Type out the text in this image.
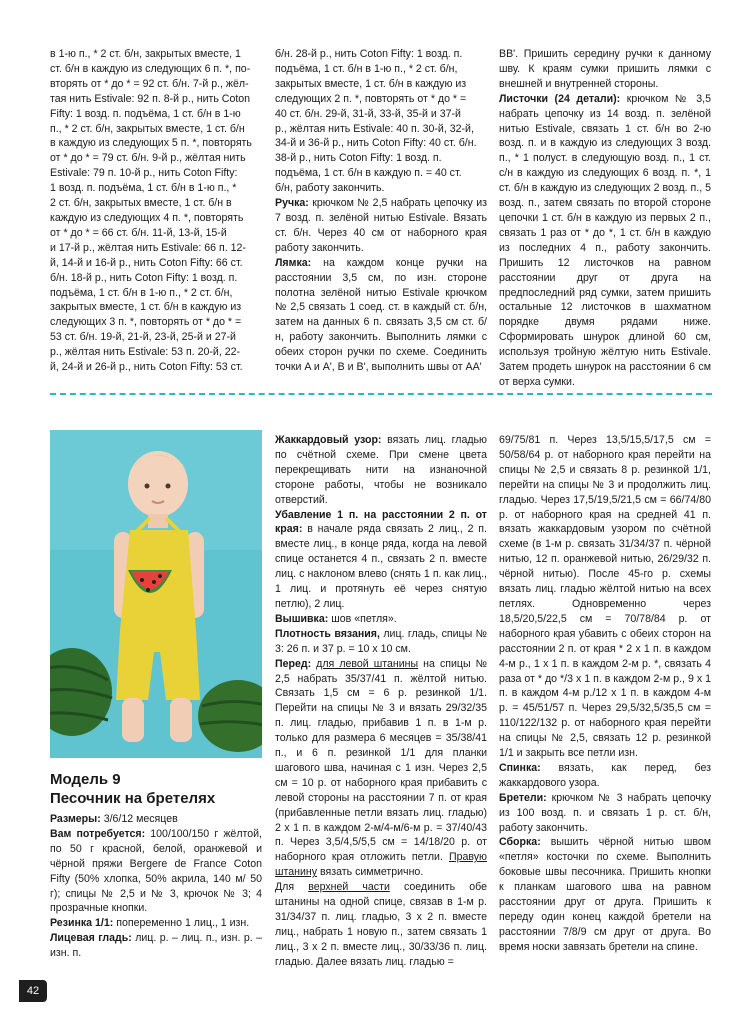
в 1-ю п., * 2 ст. б/н, закрытых вместе, 1
ст. б/н в каждую из следующих 6 п. *, по-
вторять от * до * = 92 ст. б/н. 7-й р., жёл-
тая нить Estivale: 92 п. 8-й р., нить Coton
Fifty: 1 возд. п. подъёма, 1 ст. б/н в 1-ю
п., * 2 ст. б/н, закрытых вместе, 1 ст. б/н
в каждую из следующих 5 п. *, повторять
от * до * = 79 ст. б/н. 9-й р., жёлтая нить
Estivale: 79 п. 10-й р., нить Coton Fifty:
1 возд. п. подъёма, 1 ст. б/н в 1-ю п., *
2 ст. б/н, закрытых вместе, 1 ст. б/н в
каждую из следующих 4 п. *, повторять
от * до * = 66 ст. б/н. 11-й, 13-й, 15-й
и 17-й р., жёлтая нить Estivale: 66 п. 12-
й, 14-й и 16-й р., нить Coton Fifty: 66 ст.
б/н. 18-й р., нить Coton Fifty: 1 возд. п.
подъёма, 1 ст. б/н в 1-ю п., * 2 ст. б/н,
закрытых вместе, 1 ст. б/н в каждую из
следующих 3 п. *, повторять от * до * =
53 ст. б/н. 19-й, 21-й, 23-й, 25-й и 27-й
р., жёлтая нить Estivale: 53 п. 20-й, 22-
й, 24-й и 26-й р., нить Coton Fifty: 53 ст.
б/н. 28-й р., нить Coton Fifty: 1 возд. п.
подъёма, 1 ст. б/н в 1-ю п., * 2 ст. б/н,
закрытых вместе, 1 ст. б/н в каждую из
следующих 2 п. *, повторять от * до * =
40 ст. б/н. 29-й, 31-й, 33-й, 35-й и 37-й
р., жёлтая нить Estivale: 40 п. 30-й, 32-й,
34-й и 36-й р., нить Coton Fifty: 40 ст. б/н.
38-й р., нить Coton Fifty: 1 возд. п.
подъёма, 1 ст. б/н в каждую п. = 40 ст.
б/н, работу закончить.

Ручка: крючком № 2,5 набрать цепочку из 7 возд. п. зелёной нитью Estivale. Вязать ст. б/н. Через 40 см от наборного края работу закончить.

Лямка: на каждом конце ручки на расстоянии 3,5 см, по изн. стороне полотна зелёной нитью Estivale крючком № 2,5 связать 1 соед. ст. в каждый ст. б/н, затем на данных 6 п. связать 3,5 см ст. б/н, работу закончить. Выполнить лямки с обеих сторон ручки по схеме. Соединить точки A и A', B и B', выполнить швы от AA'

BB'. Пришить середину ручки к данному шву. К краям сумки пришить лямки с внешней и внутренней стороны.

Листочки (24 детали): крючком № 3,5 набрать цепочку из 14 возд. п. зелёной нитью Estivale, связать 1 ст. б/н во 2-ю возд. п. и в каждую из следующих 3 возд. п., * 1 полуст. в следующую возд. п., 1 ст. с/н в каждую из следующих 6 возд. п. *, 1 ст. б/н в каждую из следующих 2 возд. п., 5 возд. п., затем связать по второй стороне цепочки 1 ст. б/н в каждую из первых 2 п., связать 1 раз от * до *, 1 ст. б/н в каждую из последних 4 п., работу закончить. Пришить 12 листочков на равном расстоянии друг от друга на предпоследний ряд сумки, затем пришить остальные 12 листочков в шахматном порядке двумя рядами ниже. Сформировать шнурок длиной 60 см, используя тройную жёлтую нить Estivale. Затем продеть шнурок на расстоянии 6 см от верха сумки.

Модель 9
Песочник на бретелях

Размеры: 3/6/12 месяцев

Вам потребуется: 100/100/150 г жёлтой, по 50 г красной, белой, оранжевой и чёрной пряжи Bergere de France Coton Fifty (50% хлопка, 50% акрила, 140 м/ 50 г); спицы № 2,5 и № 3, крючок № 3; 4 прозрачные кнопки.

Резинка 1/1: попеременно 1 лиц., 1 изн.

Лицевая гладь: лиц. р. – лиц. п., изн. р. – изн. п.

Жаккардовый узор: вязать лиц. гладью по счётной схеме. При смене цвета перекрещивать нити на изнаночной стороне работы, чтобы не возникало отверстий.

Убавление 1 п. на расстоянии 2 п. от края: в начале ряда связать 2 лиц., 2 п. вместе лиц., в конце ряда, когда на левой спице останется 4 п., связать 2 п. вместе лиц. с наклоном влево (снять 1 п. как лиц., 1 лиц. и протянуть её через снятую петлю), 2 лиц.

Вышивка: шов «петля».

Плотность вязания, лиц. гладь, спицы № 3: 26 п. и 37 р. = 10 х 10 см.

Перед: для левой штанины на спицы № 2,5 набрать 35/37/41 п. жёлтой нитью. Связать 1,5 см = 6 р. резинкой 1/1. Перейти на спицы № 3 и вязать 29/32/35 п. лиц. гладью, прибавив 1 п. в 1-м р. только для размера 6 месяцев = 35/38/41 п., и 6 п. резинкой 1/1 для планки шагового шва, начиная с 1 изн. Через 2,5 см = 10 р. от наборного края прибавить с левой стороны на расстоянии 7 п. от края (прибавленные петли вязать лиц. гладью) 2 х 1 п. в каждом 2-м/4-м/6-м р. = 37/40/43 п. Через 3,5/4,5/5,5 см = 14/18/20 р. от наборного края отложить петли. Правую штанину вязать симметрично.

Для верхней части соединить обе штанины на одной спице, связав в 1-м р. 31/34/37 п. лиц. гладью, 3 х 2 п. вместе лиц., набрать 1 новую п., затем связать 1 лиц., 3 х 2 п. вместе лиц., 30/33/36 п. лиц. гладью. Далее вязать лиц. гладью =

69/75/81 п. Через 13,5/15,5/17,5 см = 50/58/64 р. от наборного края перейти на спицы № 2,5 и связать 8 р. резинкой 1/1, перейти на спицы № 3 и продолжить лиц. гладью. Через 17,5/19,5/21,5 см = 66/74/80 р. от наборного края на средней 41 п. вязать жаккардовым узором по счётной схеме (в 1-м р. связать 31/34/37 п. чёрной нитью, 12 п. оранжевой нитью, 26/29/32 п. чёрной нитью). После 45-го р. схемы вязать лиц. гладью жёлтой нитью на всех петлях. Одновременно через 18,5/20,5/22,5 см = 70/78/84 р. от наборного края убавить с обеих сторон на расстоянии 2 п. от края * 2 х 1 п. в каждом 4-м р., 1 х 1 п. в каждом 2-м р. *, связать 4 раза от * до */3 х 1 п. в каждом 2-м р., 9 х 1 п. в каждом 4-м р./12 х 1 п. в каждом 4-м р. = 45/51/57 п. Через 29,5/32,5/35,5 см = 110/122/132 р. от наборного края перейти на спицы № 2,5, связать 12 р. резинкой 1/1 и закрыть все петли изн.

Спинка: вязать, как перед, без жаккардового узора.

Бретели: крючком № 3 набрать цепочку из 100 возд. п. и связать 1 р. ст. б/н, работу закончить.

Сборка: вышить чёрной нитью швом «петля» косточки по схеме. Выполнить боковые швы песочника. Пришить кнопки к планкам шагового шва на равном расстоянии друг от друга. Пришить к переду один конец каждой бретели на расстоянии 7/8/9 см друг от друга. Во время носки завязать бретели на спине.

42
